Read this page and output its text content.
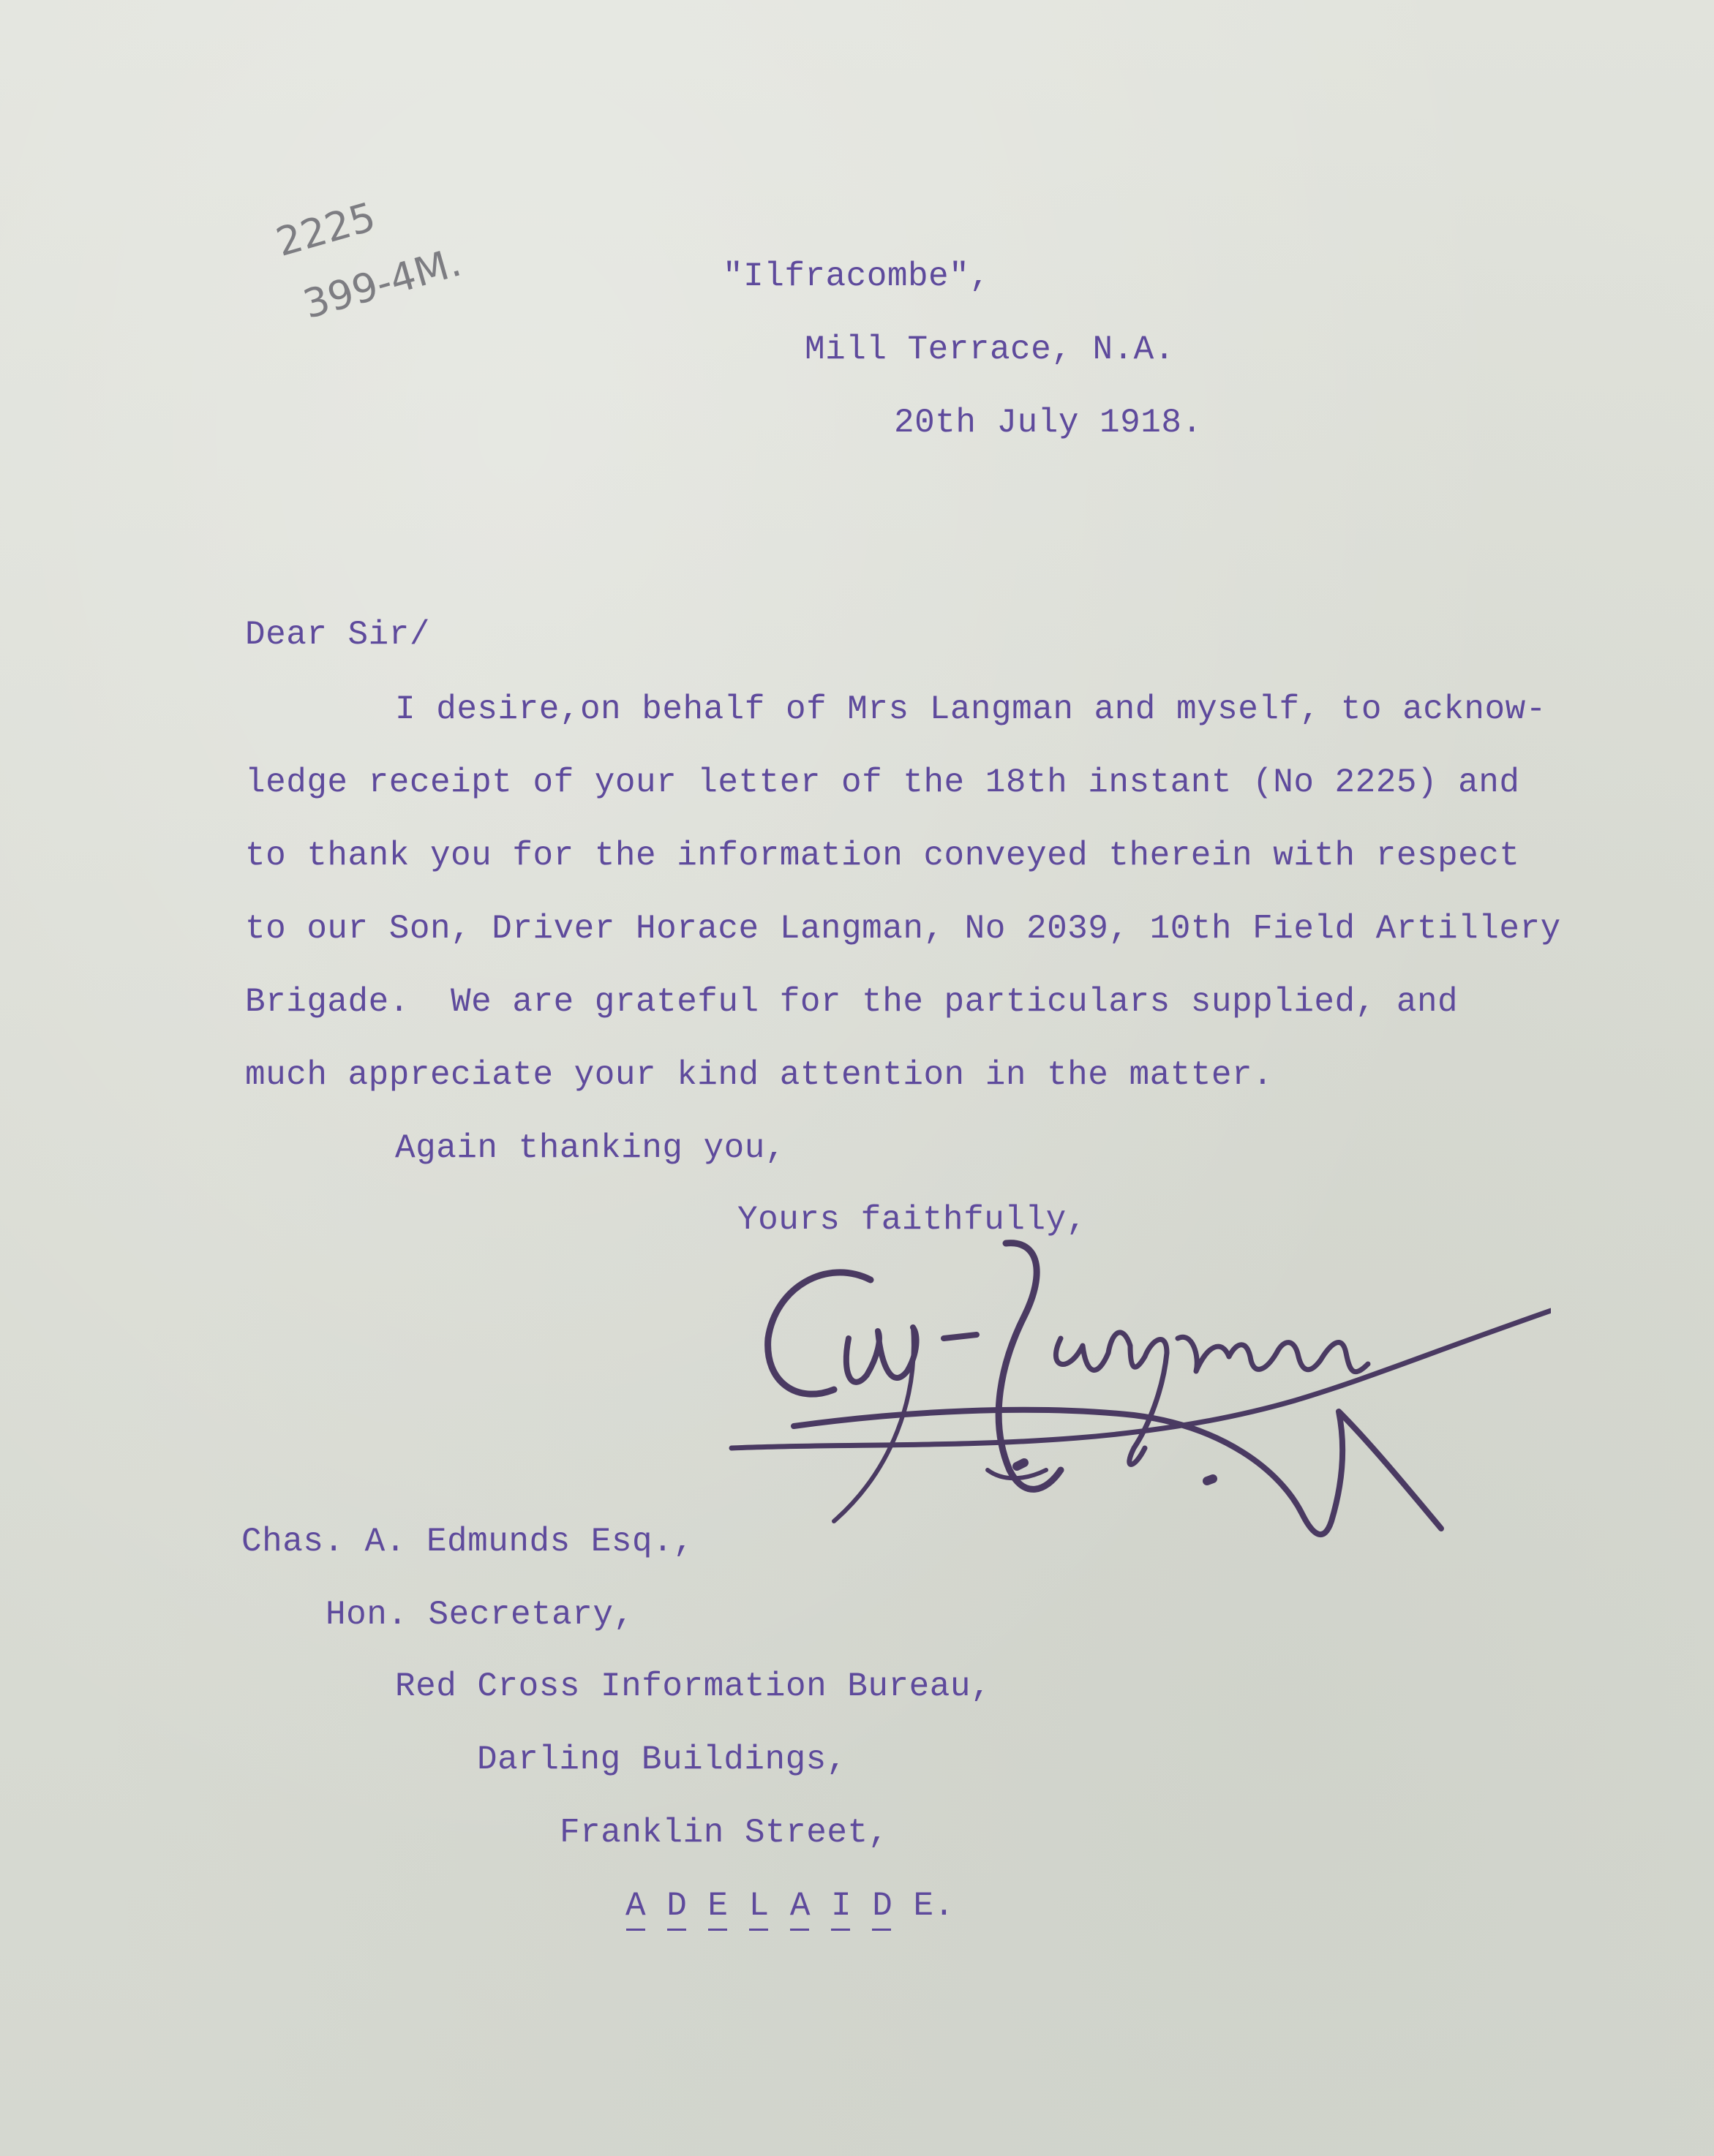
2225
399-4M.	"Ilfracombe",
Mill Terrace, N.A.
20th July 1918.
Dear Sir/
I desire,on behalf of Mrs Langman and myself, to acknow-
ledge receipt of your letter of the 18th instant (No 2225) and
to thank you for the information conveyed therein with respect
to our Son, Driver Horace Langman, No 2039, 10th Field Artillery
Brigade.  We are grateful for the particulars supplied, and
much appreciate your kind attention in the matter.
Again thanking you,
Yours faithfully,
Chas. A. Edmunds Esq.,
Hon. Secretary,
Red Cross Information Bureau,
Darling Buildings,
Franklin Street,
A D E L A I D E.
